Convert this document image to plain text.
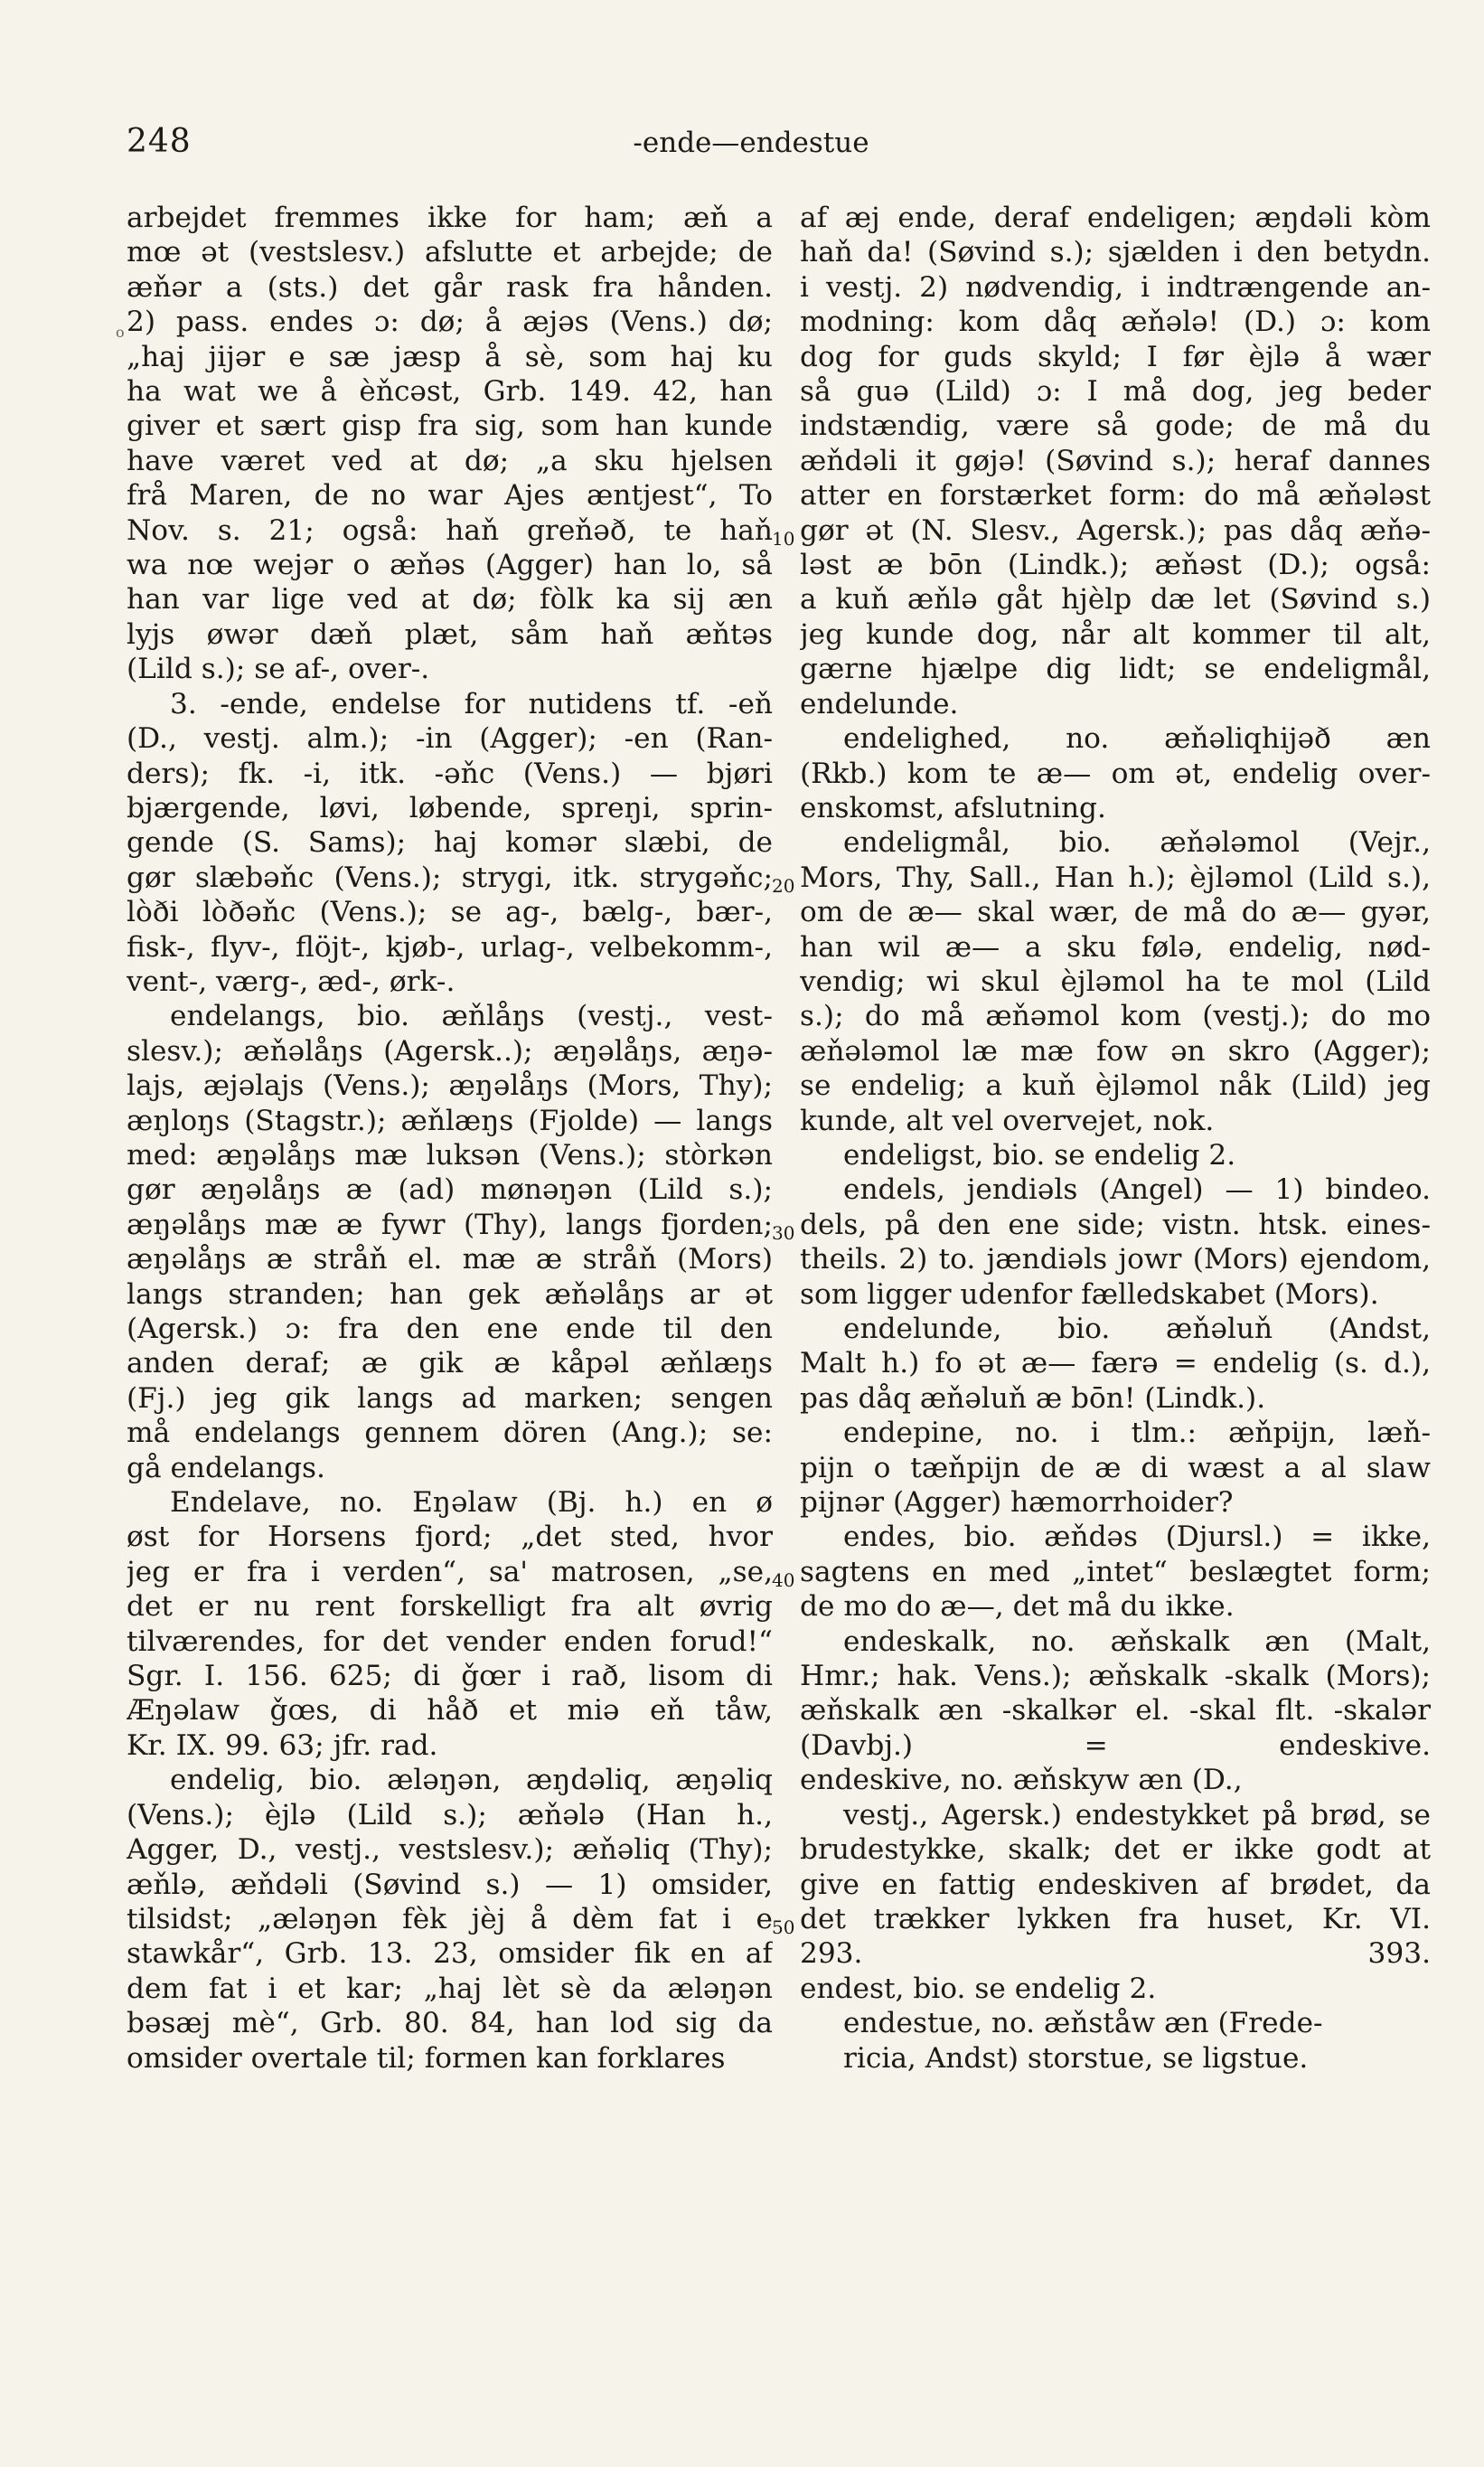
248	-ende—endestue
o
arbejdet fremmes ikke for ham; æň a
mœ ət (vestslesv.) afslutte et arbejde; de
æňər a (sts.) det går rask fra hånden.
2) pass. endes ɔ: dø; å æjəs (Vens.) dø;
„haj jijər e sæ jæsp å sè, som haj ku
ha wat we å èňcəst, Grb. 149. 42, han
giver et sært gisp fra sig, som han kunde
have været ved at dø; „a sku hjelsen
frå Maren, de no war Ajes æntjest“, To
Nov. s. 21; også: haň greňəð, te haň
wa nœ wejər o æňəs (Agger) han lo, så
han var lige ved at dø; fòlk ka sij æn
lyjs øwər dæň plæt, såm haň æňtəs
(Lild s.); se af-, over-.
3. -ende, endelse for nutidens tf. -eň
(D., vestj. alm.); -in (Agger); -en (Ran-
ders); fk. -i, itk. -əňc (Vens.) — bjøri
bjærgende, løvi, løbende, spreŋi, sprin-
gende (S. Sams); haj komər slæbi, de
gør slæbəňc (Vens.); strygi, itk. strygəňc;
lòði lòðəňc (Vens.); se ag-, bælg-, bær-,
fisk-, flyv-, flöjt-, kjøb-, urlag-, velbekomm-,
vent-, værg-, æd-, ørk-.
endelangs, bio. æňlåŋs (vestj., vest-
slesv.); æňəlåŋs (Agersk..); æŋəlåŋs, æŋə-
lajs, æjəlajs (Vens.); æŋəlåŋs (Mors, Thy);
æŋloŋs (Stagstr.); æňlæŋs (Fjolde) — langs
med: æŋəlåŋs mæ luksən (Vens.); stòrkən
gør æŋəlåŋs æ (ad) mønəŋən (Lild s.);
æŋəlåŋs mæ æ fywr (Thy), langs fjorden;
æŋəlåŋs æ stråň el. mæ æ stråň (Mors)
langs stranden; han gek æňəlåŋs ar ət
(Agersk.) ɔ: fra den ene ende til den
anden deraf; æ gik æ kåpəl æňlæŋs
(Fj.) jeg gik langs ad marken; sengen
må endelangs gennem dören (Ang.); se:
gå endelangs.
Endelave, no. Eŋəlaw (Bj. h.) en ø
øst for Horsens fjord; „det sted, hvor
jeg er fra i verden“, sa' matrosen, „se,
det er nu rent forskelligt fra alt øvrig
tilværendes, for det vender enden forud!“
Sgr. I. 156. 625; di ǧœr i rað, lisom di
Æŋəlaw ǧœs, di håð et miə eň tåw,
Kr. IX. 99. 63; jfr. rad.
endelig, bio. æləŋən, æŋdəliq, æŋəliq
(Vens.); èjlə (Lild s.); æňələ (Han h.,
Agger, D., vestj., vestslesv.); æňəliq (Thy);
æňlə, æňdəli (Søvind s.) — 1) omsider,
tilsidst; „æləŋən fèk jèj å dèm fat i e
stawkår“, Grb. 13. 23, omsider fik en af
dem fat i et kar; „haj lèt sè da æləŋən
bəsæj mè“, Grb. 80. 84, han lod sig da
omsider overtale til; formen kan forklares
10
20
30
40
50
af æj ende, deraf endeligen; æŋdəli kòm
haň da! (Søvind s.); sjælden i den betydn.
i vestj. 2) nødvendig, i indtrængende an-
modning: kom dåq æňələ! (D.) ɔ: kom
dog for guds skyld; I før èjlə å wær
så guə (Lild) ɔ: I må dog, jeg beder
indstændig, være så gode; de må du
æňdəli it gøjə! (Søvind s.); heraf dannes
atter en forstærket form: do må æňələst
gør ət (N. Slesv., Agersk.); pas dåq æňə-
ləst æ bōn (Lindk.); æňəst (D.); også:
a kuň æňlə gåt hjèlp dæ let (Søvind s.)
jeg kunde dog, når alt kommer til alt,
gærne hjælpe dig lidt; se endeligmål,
endelunde.
endelighed, no. æňəliqhijəð æn
(Rkb.) kom te æ— om ət, endelig over-
enskomst, afslutning.
endeligmål, bio. æňələmol (Vejr.,
Mors, Thy, Sall., Han h.); èjləmol (Lild s.),
om de æ— skal wær, de må do æ— gyər,
han wil æ— a sku følə, endelig, nød-
vendig; wi skul èjləmol ha te mol (Lild
s.); do må æňəmol kom (vestj.); do mo
æňələmol læ mæ fow ən skro (Agger);
se endelig; a kuň èjləmol nåk (Lild) jeg
kunde, alt vel overvejet, nok.
endeligst, bio. se endelig 2.
endels, jendiəls (Angel) — 1) bindeo.
dels, på den ene side; vistn. htsk. eines-
theils. 2) to. jændiəls jowr (Mors) ejendom,
som ligger udenfor fælledskabet (Mors).
endelunde, bio. æňəluň (Andst,
Malt h.) fo ət æ— færə = endelig (s. d.),
pas dåq æňəluň æ bōn! (Lindk.).
endepine, no. i tlm.: æňpijn, læň-
pijn o tæňpijn de æ di wæst a al slaw
pijnər (Agger) hæmorrhoider?
endes, bio. æňdəs (Djursl.) = ikke,
sagtens en med „intet“ beslægtet form;
de mo do æ—, det må du ikke.
endeskalk, no. æňskalk æn (Malt,
Hmr.; hak. Vens.); æňskalk -skalk (Mors);
æňskalk æn -skalkər el. -skal flt. -skalər
(Davbj.) = endeskive.
endeskive, no. æňskyw æn (D.,
vestj., Agersk.) endestykket på brød, se
brudestykke, skalk; det er ikke godt at
give en fattig endeskiven af brødet, da
det trækker lykken fra huset, Kr. VI.
293. 393.
endest, bio. se endelig 2.
endestue, no. æňståw æn (Frede-
ricia, Andst) storstue, se ligstue.
